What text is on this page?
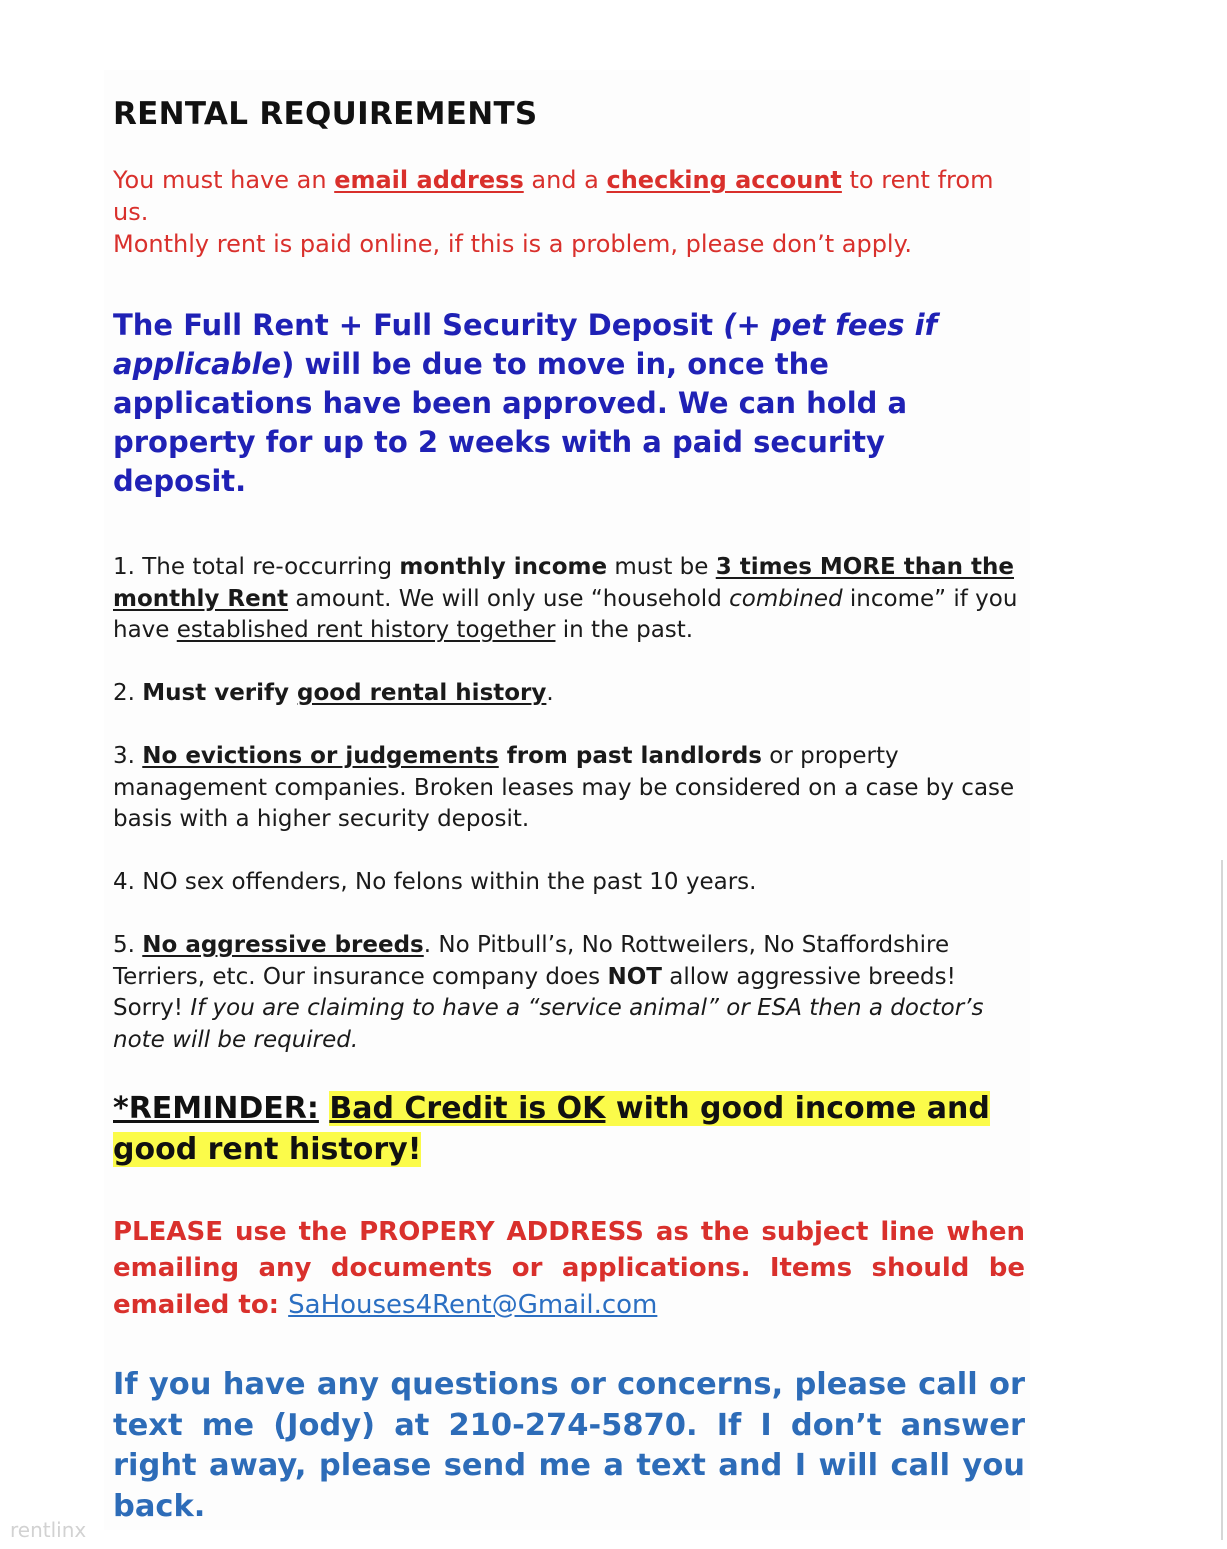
RENTAL REQUIREMENTS
You must have an email address and a checking account to rent from us.
Monthly rent is paid online, if this is a problem, please don’t apply.
The Full Rent + Full Security Deposit (+ pet fees if applicable) will be due to move in, once the applications have been approved. We can hold a property for up to 2 weeks with a paid security deposit.
1. The total re-occurring monthly income must be 3 times MORE than the monthly Rent amount. We will only use “household combined income” if you have established rent history together in the past.
2. Must verify good rental history.
3. No evictions or judgements from past landlords or property management companies. Broken leases may be considered on a case by case basis with a higher security deposit.
4. NO sex offenders, No felons within the past 10 years.
5. No aggressive breeds. No Pitbull’s, No Rottweilers, No Staffordshire Terriers, etc. Our insurance company does NOT allow aggressive breeds! Sorry! If you are claiming to have a “service animal” or ESA then a doctor’s note will be required.
*REMINDER: Bad Credit is OK with good income and good rent history!
PLEASE use the PROPERY ADDRESS as the subject line when emailing any documents or applications. Items should be emailed to: SaHouses4Rent@Gmail.com
If you have any questions or concerns, please call or text me (Jody) at 210-274-5870. If I don’t answer right away, please send me a text and I will call you back.
rentlinx
